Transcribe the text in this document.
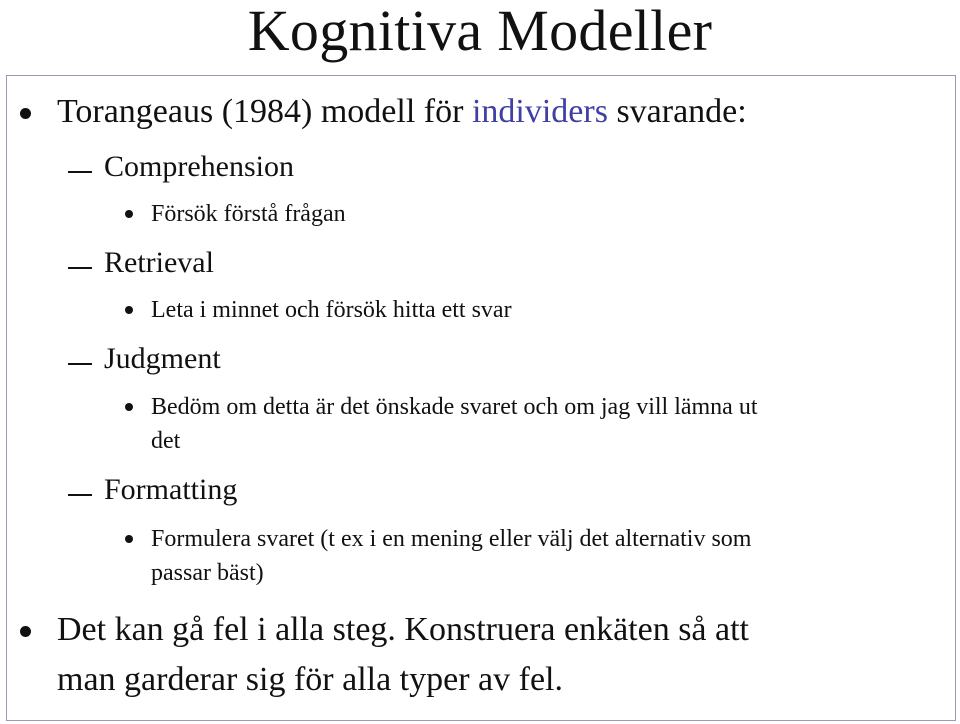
Kognitiva Modeller
Torangeaus (1984) modell för individers svarande:
Comprehension
Försök förstå frågan
Retrieval
Leta i minnet och försök hitta ett svar
Judgment
Bedöm om detta är det önskade svaret och om jag vill lämna ut
det
Formatting
Formulera svaret (t ex i en mening eller välj det alternativ som
passar bäst)
Det kan gå fel i alla steg. Konstruera enkäten så att
man garderar sig för alla typer av fel.
